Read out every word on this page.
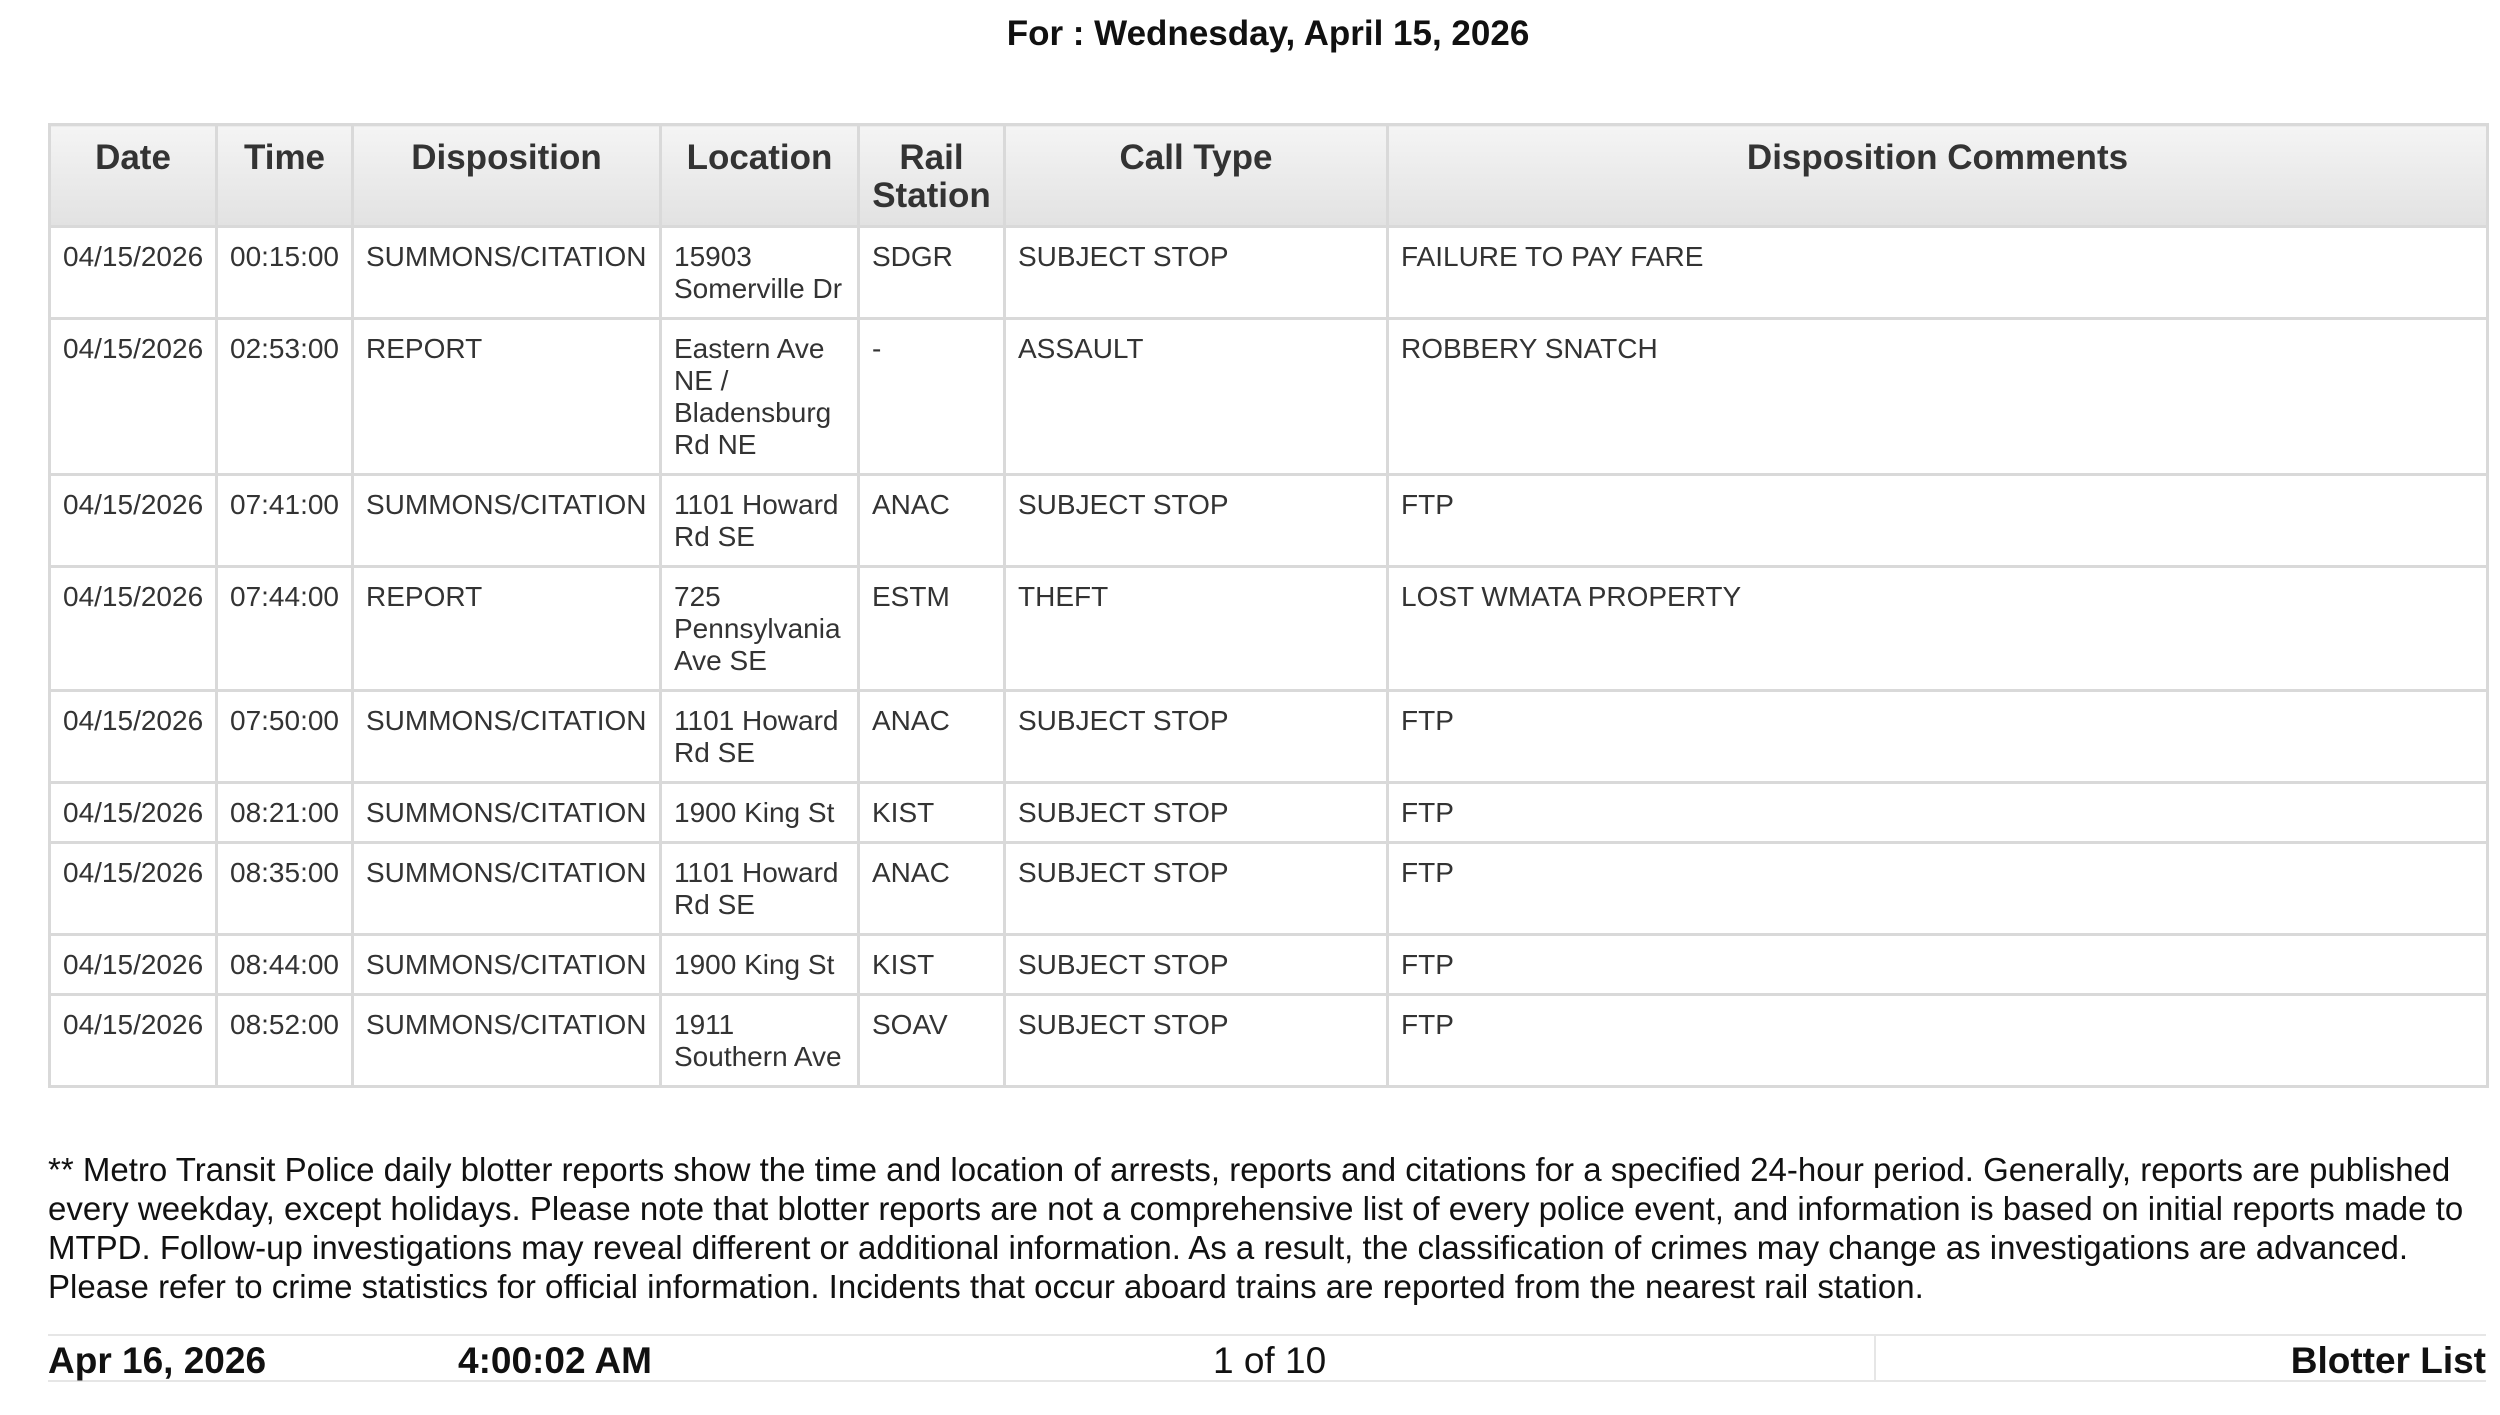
For : Wednesday, April 15, 2026
Date	Time	Disposition	Location	Rail Station	Call Type	Disposition Comments
04/15/2026	00:15:00	SUMMONS/CITATION	15903 Somerville Dr	SDGR	SUBJECT STOP	FAILURE TO PAY FARE
04/15/2026	02:53:00	REPORT	Eastern Ave NE / Bladensburg Rd NE	-	ASSAULT	ROBBERY SNATCH
04/15/2026	07:41:00	SUMMONS/CITATION	1101 Howard Rd SE	ANAC	SUBJECT STOP	FTP
04/15/2026	07:44:00	REPORT	725 Pennsylvania Ave SE	ESTM	THEFT	LOST WMATA PROPERTY
04/15/2026	07:50:00	SUMMONS/CITATION	1101 Howard Rd SE	ANAC	SUBJECT STOP	FTP
04/15/2026	08:21:00	SUMMONS/CITATION	1900 King St	KIST	SUBJECT STOP	FTP
04/15/2026	08:35:00	SUMMONS/CITATION	1101 Howard Rd SE	ANAC	SUBJECT STOP	FTP
04/15/2026	08:44:00	SUMMONS/CITATION	1900 King St	KIST	SUBJECT STOP	FTP
04/15/2026	08:52:00	SUMMONS/CITATION	1911 Southern Ave	SOAV	SUBJECT STOP	FTP
** Metro Transit Police daily blotter reports show the time and location of arrests, reports and citations for a specified 24-hour period. Generally, reports are published every weekday, except holidays. Please note that blotter reports are not a comprehensive list of every police event, and information is based on initial reports made to MTPD. Follow-up investigations may reveal different or additional information. As a result, the classification of crimes may change as investigations are advanced. Please refer to crime statistics for official information. Incidents that occur aboard trains are reported from the nearest rail station.
Apr 16, 2026	4:00:02 AM	1 of 10	Blotter List
